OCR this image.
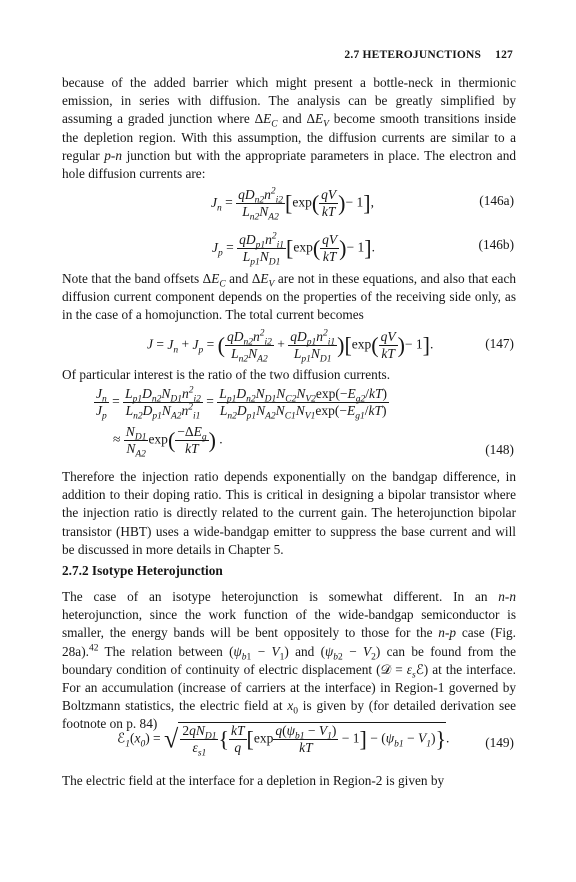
2.7 HETEROJUNCTIONS 127

because of the added barrier which might present a bottle-neck in thermionic emission, in series with diffusion. The analysis can be greatly simplified by assuming a graded junction where $\Delta E_C$ and $\Delta E_V$ become smooth transitions inside the depletion region. With this assumption, the diffusion currents are similar to a regular p-n junction but with the appropriate parameters in place. The electron and hole diffusion currents are:

$J_n = \frac{qD_{n2}n^2_{i2}}{L_{n2}N_{A2}} [\exp( \frac{qV}{kT}$ )− 1],	(146a)
$J_p = \frac{qD_{p1}n^2_{i1}}{L_{p1}N_{D1}} [\exp( \frac{qV}{kT}$ )− 1].	(146b)

Note that the band offsets $\Delta E_C$ and $\Delta E_V$ are not in these equations, and also that each diffusion current component depends on the properties of the receiving side only, as in the case of a homojunction. The total current becomes

$J = J_n + J_p$ = ( $\frac{qD_{n2}n^2_{i2}}{L_{n2}N_{A2}} + \frac{qD_{p1}n^2_{i1}}{L_{p1}N_{D1}} )[\exp( \frac{qV}{kT}$ )− 1].	(147)

Of particular interest is the ratio of the two diffusion currents.

$\frac{J_n}{J_p} = \frac{L_{p1}D_{n2}N_{D1}n^2_{i2}}{L_{n2}D_{p1}N_{A2}n^2_{i1}} = \frac{L_{p1}D_{n2}N_{D1}N_{C2}N_{V2}\exp(-E_{g2}/kT)}{L_{n2}D_{p1}N_{A2}N_{C1}N_{V1}\exp(-E_{g1}/kT)}$
≈ $\frac{N_{D1}}{N_{A2}} \exp( \frac{-\Delta E_g}{kT}$ ) .
(148)

Therefore the injection ratio depends exponentially on the bandgap difference, in addition to their doping ratio. This is critical in designing a bipolar transistor where the injection ratio is directly related to the current gain. The heterojunction bipolar transistor (HBT) uses a wide-bandgap emitter to suppress the base current and will be discussed in more details in Chapter 5.

2.7.2 Isotype Heterojunction

The case of an isotype heterojunction is somewhat different. In an n-n heterojunction, since the work function of the wide-bandgap semiconductor is smaller, the energy bands will be bent oppositely to those for the n-p case (Fig. 28a).$^{42}$ The relation between $(\psi_{b1} - V_1)$ and $(\psi_{b2} - V_2)$ can be found from the boundary condition of continuity of electric displacement (𝒟 = $\varepsilon_sℰ$) at the interface. For an accumulation (increase of carriers at the interface) in Region-1 governed by Boltzmann statistics, the electric field at $x_0$ is given by (for detailed derivation see footnote on p. 84)

$ℰ_1(x_0)$ = √ $\frac{2qN_{D1}}{\varepsilon_{s1}}$ { $\frac{kT}{q} [\exp \frac{q(\psi_{b1} - V_1)}{kT} - 1] - (\psi_{b1} - V_1)$}.	(149)

The electric field at the interface for a depletion in Region-2 is given by
